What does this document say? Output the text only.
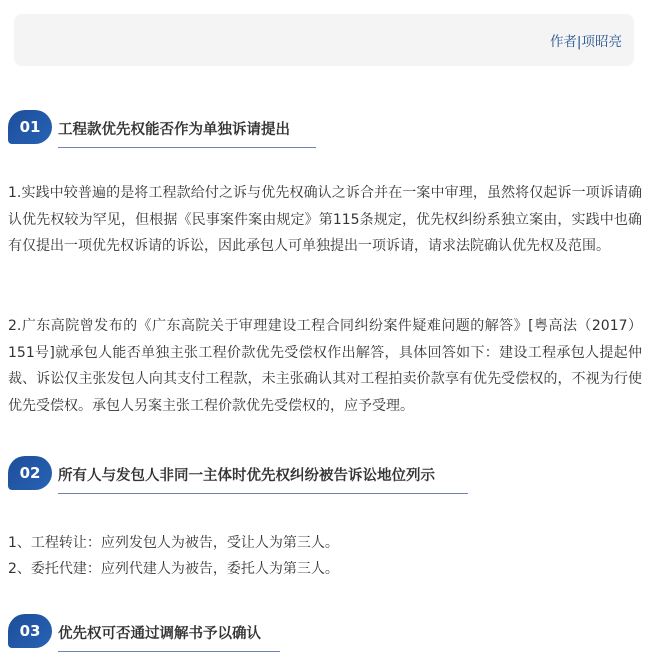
作者|项昭亮
01	工程款优先权能否作为单独诉请提出

1.实践中较普遍的是将工程款给付之诉与优先权确认之诉合并在一案中审理，虽然将仅起诉一项诉请确认优先权较为罕见，但根据《民事案件案由规定》第115条规定，优先权纠纷系独立案由，实践中也确有仅提出一项优先权诉请的诉讼，因此承包人可单独提出一项诉请，请求法院确认优先权及范围。

2.广东高院曾发布的《广东高院关于审理建设工程合同纠纷案件疑难问题的解答》[粤高法（2017）151号]就承包人能否单独主张工程价款优先受偿权作出解答，具体回答如下：建设工程承包人提起仲裁、诉讼仅主张发包人向其支付工程款，未主张确认其对工程拍卖价款享有优先受偿权的，不视为行使优先受偿权。承包人另案主张工程价款优先受偿权的，应予受理。

02	所有人与发包人非同一主体时优先权纠纷被告诉讼地位列示
1、工程转让：应列发包人为被告，受让人为第三人。
2、委托代建：应列代建人为被告，委托人为第三人。
03	优先权可否通过调解书予以确认
